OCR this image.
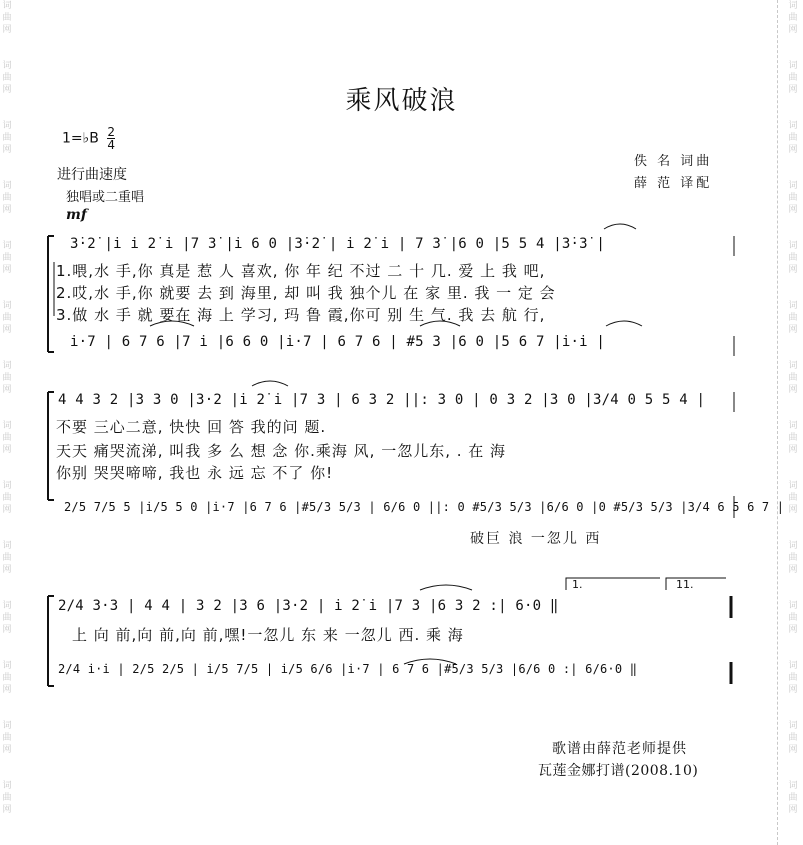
词
曲
网
词
曲
网
词
曲
网
词
曲
网
词
曲
网
词
曲
网
词
曲
网
词
曲
网
词
曲
网
词
曲
网
词
曲
网
词
曲
网
词
曲
网
词
曲
网
词
曲
网
词
曲
网
词
曲
网
词
曲
网
词
曲
网
词
曲
网
词
曲
网
词
曲
网
词
曲
网
词
曲
网
词
曲
网
词
曲
网
词
曲
网
词
曲
网
乘风破浪
1=♭B $\frac{2}{4}$
进行曲速度
独唱或二重唱
mf
佚 名 词曲
薛 范 译配
3̇·2̇ |i̇ i̇ 2̇ i̇ |7 3̇ |i̇ 6 0 |3̇·2̇ | i̇ 2̇ i̇ | 7 3̇ |6 0 |5 5 4 |3̇·3̇ |
1.喂,水 手,你 真是 惹 人 喜欢, 你 年 纪 不过 二 十 几. 爱 上 我 吧,
2.哎,水 手,你 就要 去 到 海里, 却 叫 我 独个儿 在 家 里. 我 一 定 会
3.做 水 手 就 要在 海 上 学习, 玛 鲁 霞,你可 别 生 气. 我 去 航 行,
i̇·7 | 6 7 6 |7 i̇ |6 6 0 |i̇·7 | 6 7 6 | #5 3 |6 0 |5 6 7 |i̇·i̇ |
4 4 3 2 |3 3 0 |3·2 |i̇ 2̇ i̇ |7 3 | 6 3 2 ||: 3 0 | 0 3 2 |3 0 |3/4 0 5 5 4 |
不要 三心二意, 快快 回 答 我的问 题.
天天 痛哭流涕, 叫我 多 么 想 念 你.乘海 风, 一忽儿东, . 在 海
你别 哭哭啼啼, 我也 永 远 忘 不了 你!
2/5 7/5 5 |i̇/5 5 0 |i̇·7 |6 7 6 |#5/3 5/3 | 6/6 0 ||: 0 #5/3 5/3 |6/6 0 |0 #5/3 5/3 |3/4 6 5 6 7 |
破巨 浪 一忽儿 西
1.	11.
2/4 3·3 | 4 4 | 3 2 |3 6 |3·2 | i̇ 2̇ i̇ |7 3 |6 3 2 :| 6·0 ‖
上 向 前,向 前,向 前,嘿!一忽儿 东 来 一忽儿 西. 乘 海
2/4 i̇·i̇ | 2/5 2/5 | i̇/5 7/5 | i̇/5 6/6 |i̇·7 | 6 7 6 |#5/3 5/3 |6/6 0 :| 6/6·0 ‖
歌谱由薛范老师提供
瓦莲金娜打谱(2008.10)
